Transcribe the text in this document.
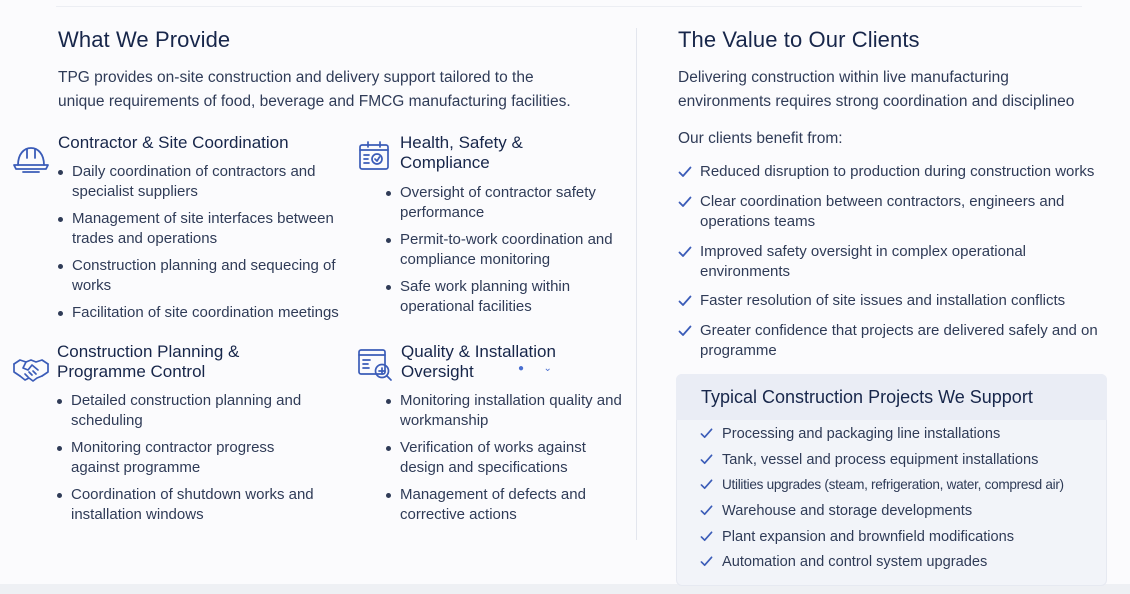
What We Provide
TPG provides on-site construction and delivery support tailored to the
unique requirements of food, beverage and FMCG manufacturing facilities.
Contractor & Site Coordination
Daily coordination of contractors and specialist suppliers
Management of site interfaces between trades and operations
Construction planning and sequecing of works
Facilitation of site coordination meetings
Health, Safety &
Compliance
Oversight of contractor safety performance
Permit-to-work coordination and compliance monitoring
Safe work planning within operational facilities
Construction Planning &
Programme Control
Detailed construction planning and scheduling
Monitoring contractor progress against programme
Coordination of shutdown works and installation windows
Quality & Installation
Oversight	●       ⌄
Monitoring installation quality and workmanship
Verification of works against design and specifications
Management of defects and corrective actions
The Value to Our Clients
Delivering construction within live manufacturing
environments requires strong coordination and disciplineo
Our clients benefit from:
Reduced disruption to production during construction works
Clear coordination between contractors, engineers and operations teams
Improved safety oversight in complex operational environments
Faster resolution of site issues and installation conflicts
Greater confidence that projects are delivered safely and on programme
Typical Construction Projects We Support
Processing and packaging line installations
Tank, vessel and process equipment installations
Utilities upgrades (steam, refrigeration, water, compresd air)
Warehouse and storage developments
Plant expansion and brownfield modifications
Automation and control system upgrades
